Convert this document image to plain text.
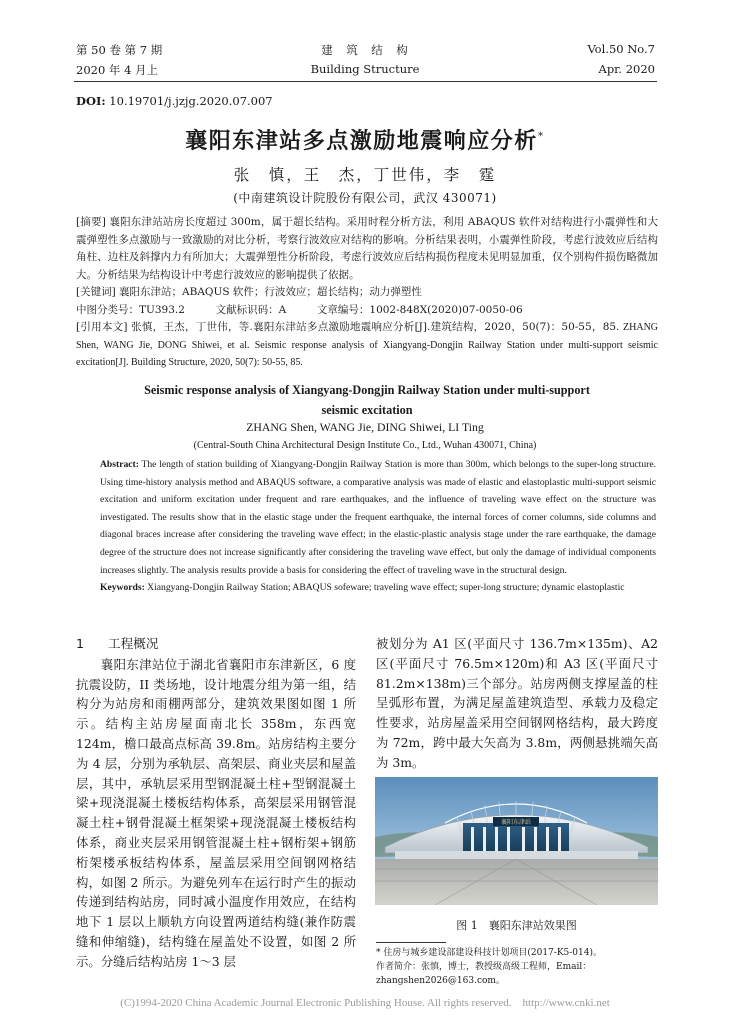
第 50 卷 第 7 期
2020 年 4 月上
建　筑　结　构
Building Structure
Vol.50 No.7
Apr. 2020
DOI: 10.19701/j.jzjg.2020.07.007
襄阳东津站多点激励地震响应分析*
张　慎，王　杰，丁世伟，李　霆
(中南建筑设计院股份有限公司，武汉 430071)
[摘要] 襄阳东津站站房长度超过 300m，属于超长结构。采用时程分析方法，利用 ABAQUS 软件对结构进行小震弹性和大震弹塑性多点激励与一致激励的对比分析，考察行波效应对结构的影响。分析结果表明，小震弹性阶段，考虑行波效应后结构角柱、边柱及斜撑内力有所加大；大震弹塑性分析阶段，考虑行波效应后结构损伤程度未见明显加重，仅个别构件损伤略微加大。分析结果为结构设计中考虑行波效应的影响提供了依据。
[关键词] 襄阳东津站；ABAQUS 软件；行波效应；超长结构；动力弹塑性
中图分类号：TU393.2	文献标识码：A	文章编号：1002-848X(2020)07-0050-06
[引用本文] 张慎，王杰，丁世伟，等.襄阳东津站多点激励地震响应分析[J].建筑结构，2020，50(7)：50-55，85. ZHANG Shen, WANG Jie, DONG Shiwei, et al. Seismic response analysis of Xiangyang-Dongjin Railway Station under multi-support seismic excitation[J]. Building Structure, 2020, 50(7): 50-55, 85.
Seismic response analysis of Xiangyang-Dongjin Railway Station under multi-support
seismic excitation
ZHANG Shen, WANG Jie, DING Shiwei, LI Ting
(Central-South China Architectural Design Institute Co., Ltd., Wuhan 430071, China)
Abstract: The length of station building of Xiangyang-Dongjin Railway Station is more than 300m, which belongs to the super-long structure. Using time-history analysis method and ABAQUS software, a comparative analysis was made of elastic and elastoplastic multi-support seismic excitation and uniform excitation under frequent and rare earthquakes, and the influence of traveling wave effect on the structure was investigated. The results show that in the elastic stage under the frequent earthquake, the internal forces of corner columns, side columns and diagonal braces increase after considering the traveling wave effect; in the elastic-plastic analysis stage under the rare earthquake, the damage degree of the structure does not increase significantly after considering the traveling wave effect, but only the damage of individual components increases slightly. The analysis results provide a basis for considering the effect of traveling wave in the structural design.
Keywords: Xiangyang-Dongjin Railway Station; ABAQUS sofeware; traveling wave effect; super-long structure; dynamic elastoplastic
1 工程概况
襄阳东津站位于湖北省襄阳市东津新区，6 度抗震设防，II 类场地，设计地震分组为第一组，结构分为站房和雨棚两部分，建筑效果图如图 1 所示。结构主站房屋面南北长 358m，东西宽 124m，檐口最高点标高 39.8m。站房结构主要分为 4 层，分别为承轨层、高架层、商业夹层和屋盖层，其中，承轨层采用型钢混凝土柱+型钢混凝土梁+现浇混凝土楼板结构体系，高架层采用钢管混凝土柱+钢骨混凝土框架梁+现浇混凝土楼板结构体系，商业夹层采用钢管混凝土柱+钢桁架+钢筋桁架楼承板结构体系，屋盖层采用空间钢网格结构，如图 2 所示。为避免列车在运行时产生的振动传递到结构站房，同时减小温度作用效应，在结构地下 1 层以上顺轨方向设置两道结构缝(兼作防震缝和伸缩缝)，结构缝在屋盖处不设置，如图 2 所示。分缝后结构站房 1～3 层
被划分为 A1 区(平面尺寸 136.7m×135m)、A2 区(平面尺寸 76.5m×120m)和 A3 区(平面尺寸 81.2m×138m)三个部分。站房两侧支撑屋盖的柱呈弧形布置，为满足屋盖建筑造型、承载力及稳定性要求，站房屋盖采用空间钢网格结构，最大跨度为 72m，跨中最大矢高为 3.8m，两侧悬挑端矢高为 3m。
襄阳东津站
图 1　襄阳东津站效果图
* 住房与城乡建设部建设科技计划项目(2017-K5-014)。
作者简介：张慎，博士，教授级高级工程师，Email：zhangshen2026@163.com。
(C)1994-2020 China Academic Journal Electronic Publishing House. All rights reserved.　http://www.cnki.net
